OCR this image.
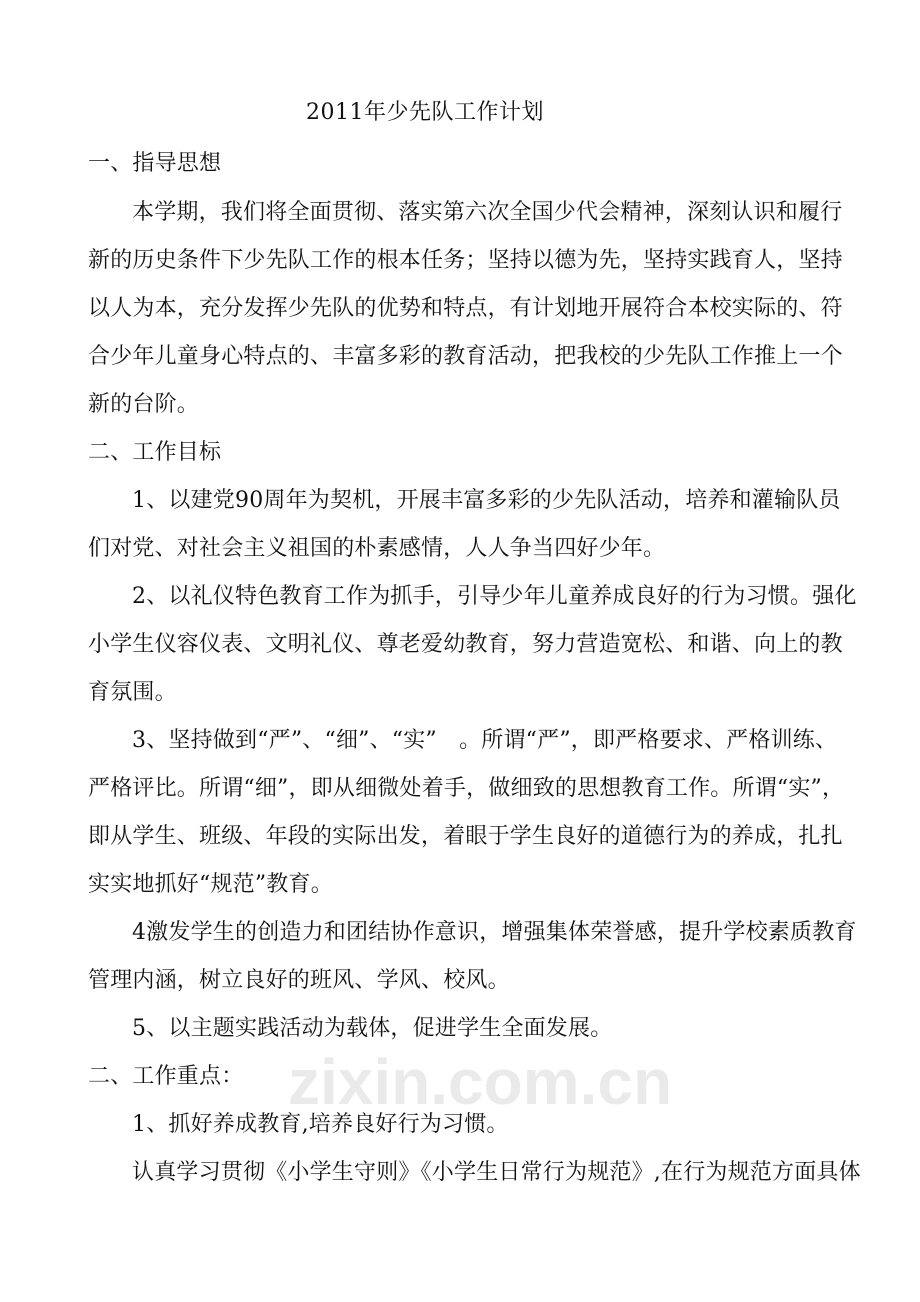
2011年少先队工作计划

一、指导思想

本学期，我们将全面贯彻、落实第六次全国少代会精神，深刻认识和履行

新的历史条件下少先队工作的根本任务；坚持以德为先，坚持实践育人，坚持

以人为本，充分发挥少先队的优势和特点，有计划地开展符合本校实际的、符

合少年儿童身心特点的、丰富多彩的教育活动，把我校的少先队工作推上一个

新的台阶。

二、工作目标

1、以建党90周年为契机，开展丰富多彩的少先队活动，培养和灌输队员

们对党、对社会主义祖国的朴素感情，人人争当四好少年。

2、以礼仪特色教育工作为抓手，引导少年儿童养成良好的行为习惯。强化

小学生仪容仪表、文明礼仪、尊老爱幼教育，努力营造宽松、和谐、向上的教

育氛围。

3、坚持做到“严”、“细”、“实”　。所谓“严”，即严格要求、严格训练、

严格评比。所谓“细”，即从细微处着手，做细致的思想教育工作。所谓“实”，

即从学生、班级、年段的实际出发，着眼于学生良好的道德行为的养成，扎扎

实实地抓好“规范”教育。

4激发学生的创造力和团结协作意识，增强集体荣誉感，提升学校素质教育

管理内涵，树立良好的班风、学风、校风。

5、以主题实践活动为载体，促进学生全面发展。

二、工作重点：

1、抓好养成教育,培养良好行为习惯。

认真学习贯彻《小学生守则》《小学生日常行为规范》,在行为规范方面具体

zixin.com.cn
